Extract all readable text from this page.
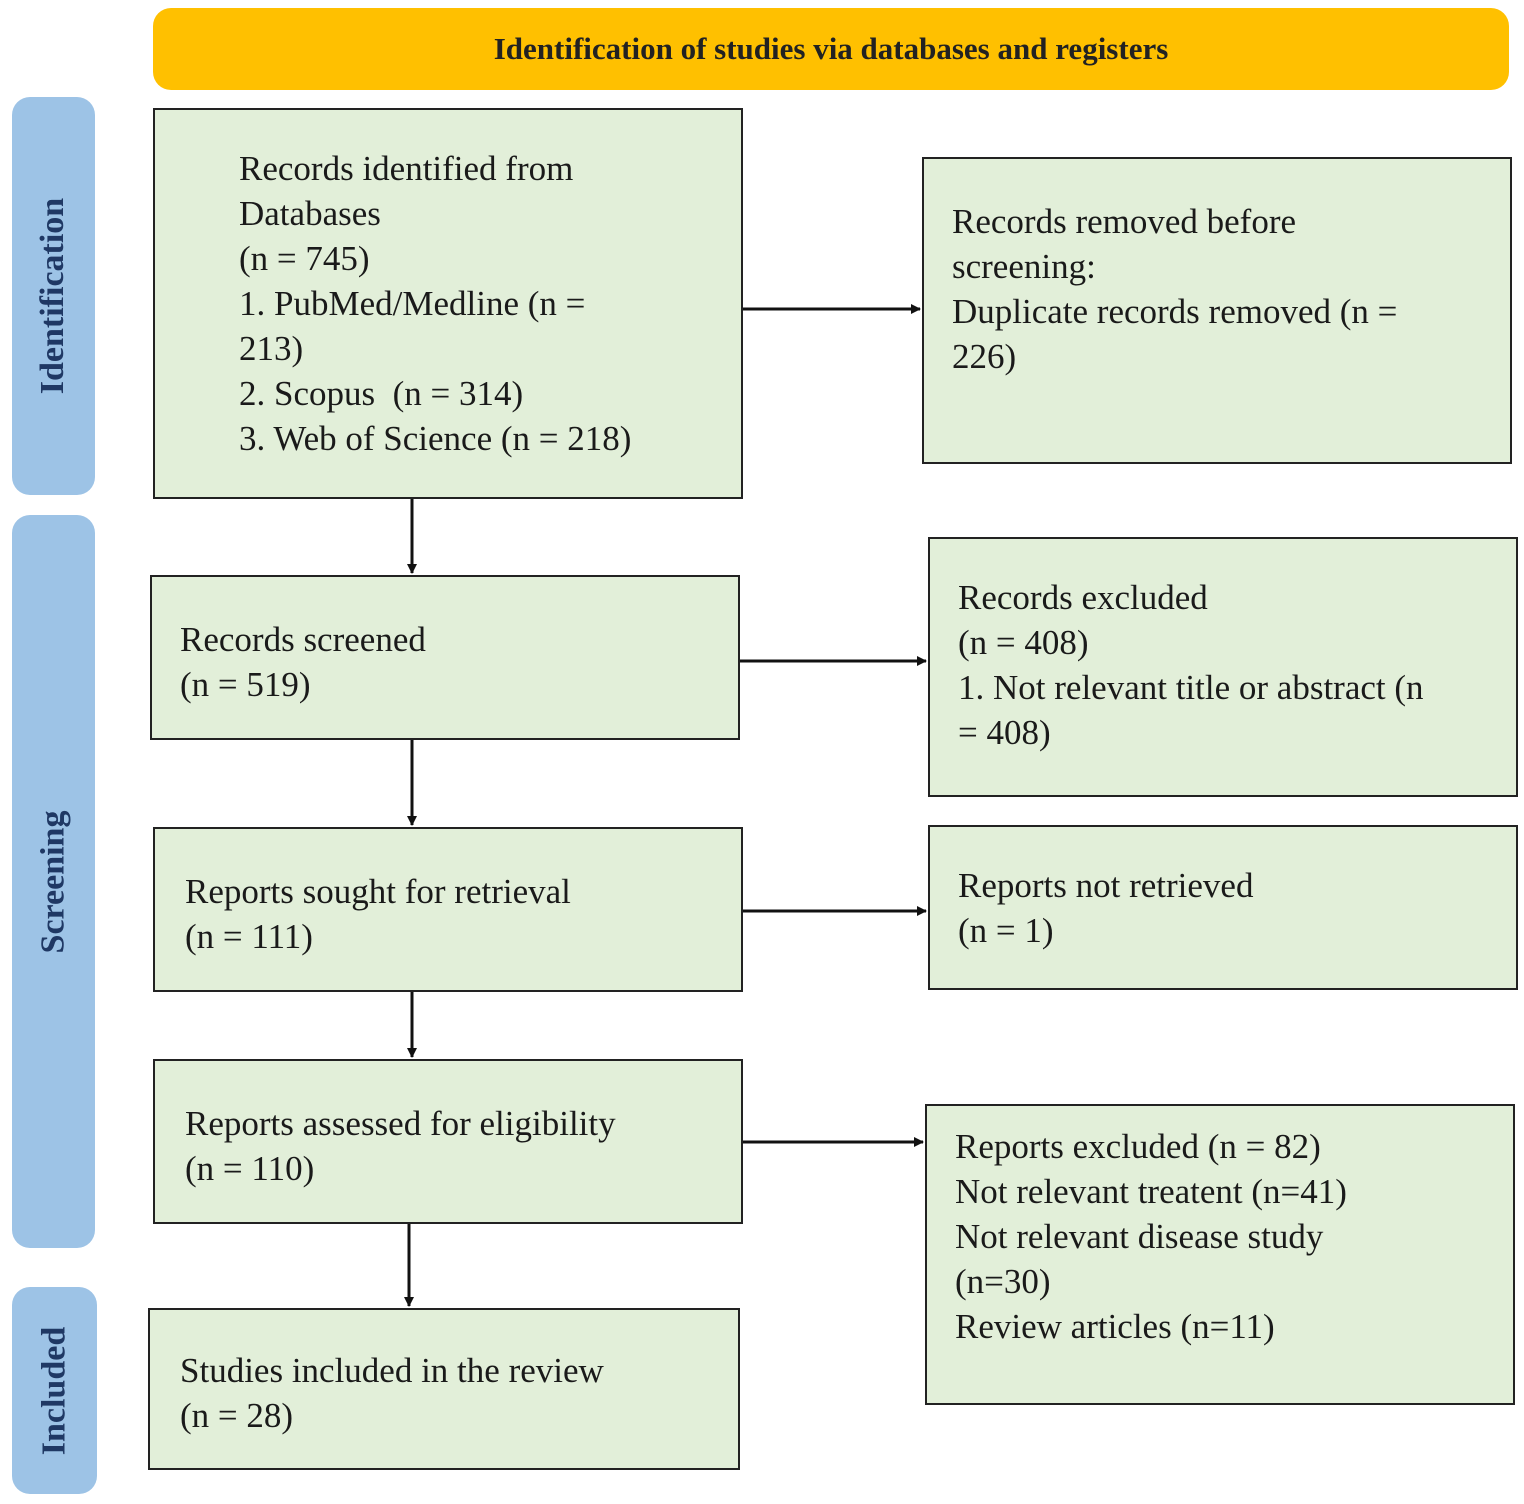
Identification of studies via databases and registers
Identification
Screening
Included
Records identified from
Databases
(n = 745)
1. PubMed/Medline (n =
213)
2. Scopus  (n = 314)
3. Web of Science (n = 218)
Records screened
(n = 519)
Reports sought for retrieval
(n = 111)
Reports assessed for eligibility
(n = 110)
Studies included in the review
(n = 28)
Records removed before
screening:
Duplicate records removed (n =
226)
Records excluded
(n = 408)
1. Not relevant title or abstract (n
= 408)
Reports not retrieved
(n = 1)
Reports excluded (n = 82)
Not relevant treatent (n=41)
Not relevant disease study
(n=30)
Review articles (n=11)
